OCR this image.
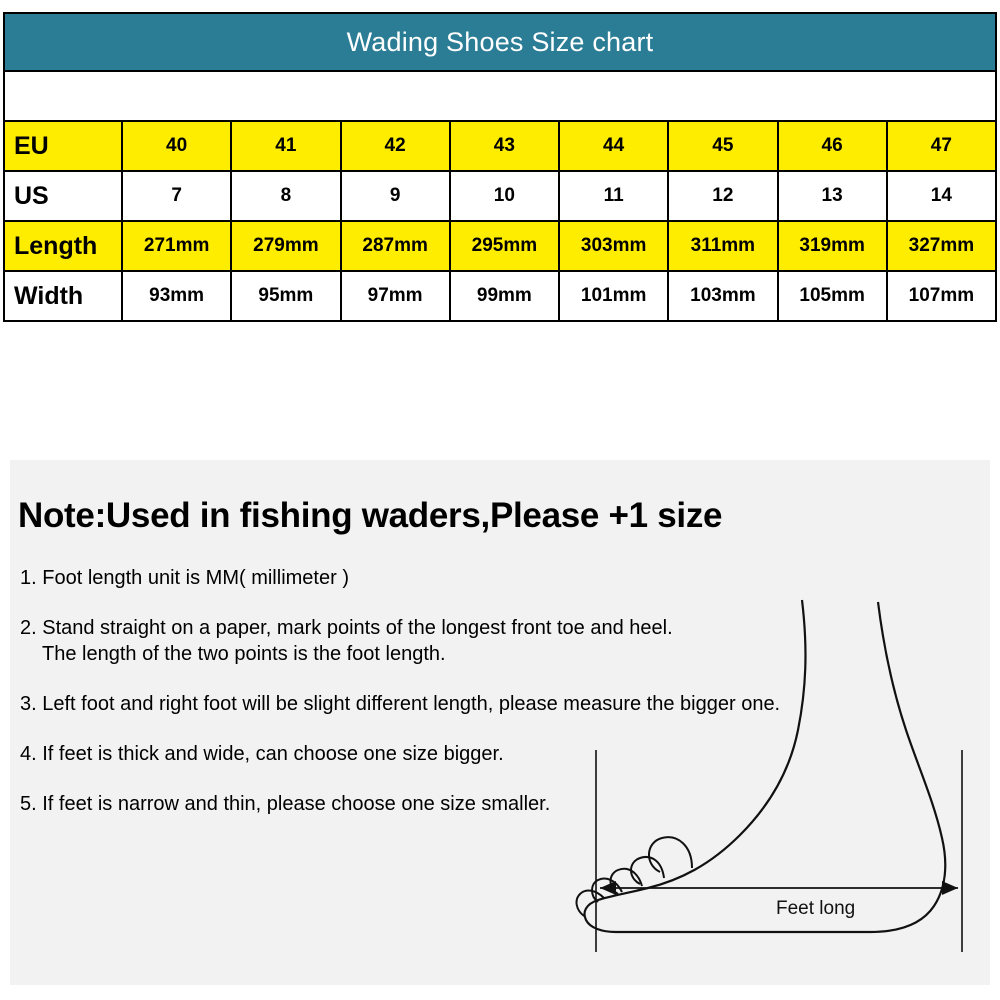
Wading Shoes Size chart								

EU	40	41	42	43	44	45	46	47
US	7	8	9	10	11	12	13	14
Length	271mm	279mm	287mm	295mm	303mm	311mm	319mm	327mm
Width	93mm	95mm	97mm	99mm	101mm	103mm	105mm	107mm
Note:Used in fishing waders,Please +1 size
1. Foot length unit is MM( millimeter )
2. Stand straight on a paper, mark points of the longest front toe and heel.
The length of the two points is the foot length.
3. Left foot and right foot will be slight different length, please measure the bigger one.
4. If feet is thick and wide, can choose one size bigger.
5. If feet is narrow and thin, please choose one size smaller.
Feet long
